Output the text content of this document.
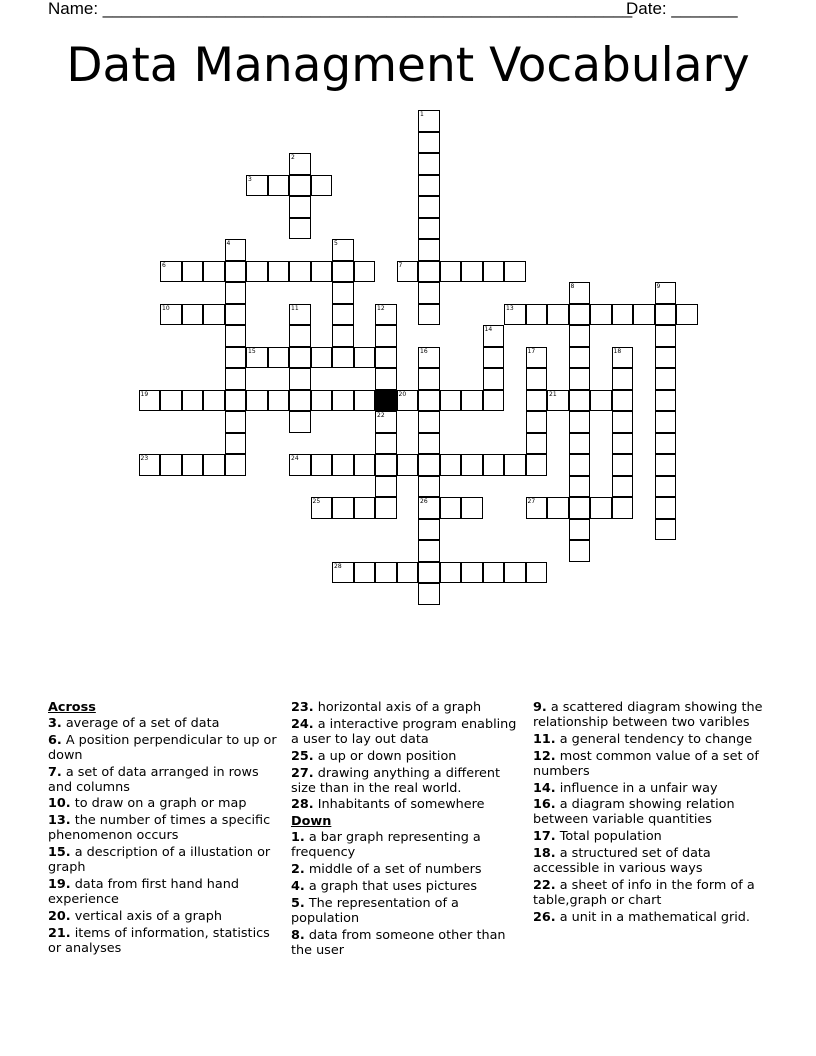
Name: ________________________________________________________
Date: _______
Data Managment Vocabulary
3
6	7
10	13
15
19	20	21
23	24
25	26	27
28
1
2
4	5
8	9
11	12
14
16	17	18
22
Across
3. average of a set of data
6. A position perpendicular to up or down
7. a set of data arranged in rows and columns
10. to draw on a graph or map
13. the number of times a specific phenomenon occurs
15. a description of a illustation or graph
19. data from first hand hand experience
20. vertical axis of a graph
21. items of information, statistics or analyses
23. horizontal axis of a graph
24. a interactive program enabling a user to lay out data
25. a up or down position
27. drawing anything a different size than in the real world.
28. Inhabitants of somewhere
Down
1. a bar graph representing a frequency
2. middle of a set of numbers
4. a graph that uses pictures
5. The representation of a population
8. data from someone other than the user
9. a scattered diagram showing the relationship between two varibles
11. a general tendency to change
12. most common value of a set of numbers
14. influence in a unfair way
16. a diagram showing relation between variable quantities
17. Total population
18. a structured set of data accessible in various ways
22. a sheet of info in the form of a table,graph or chart
26. a unit in a mathematical grid.
